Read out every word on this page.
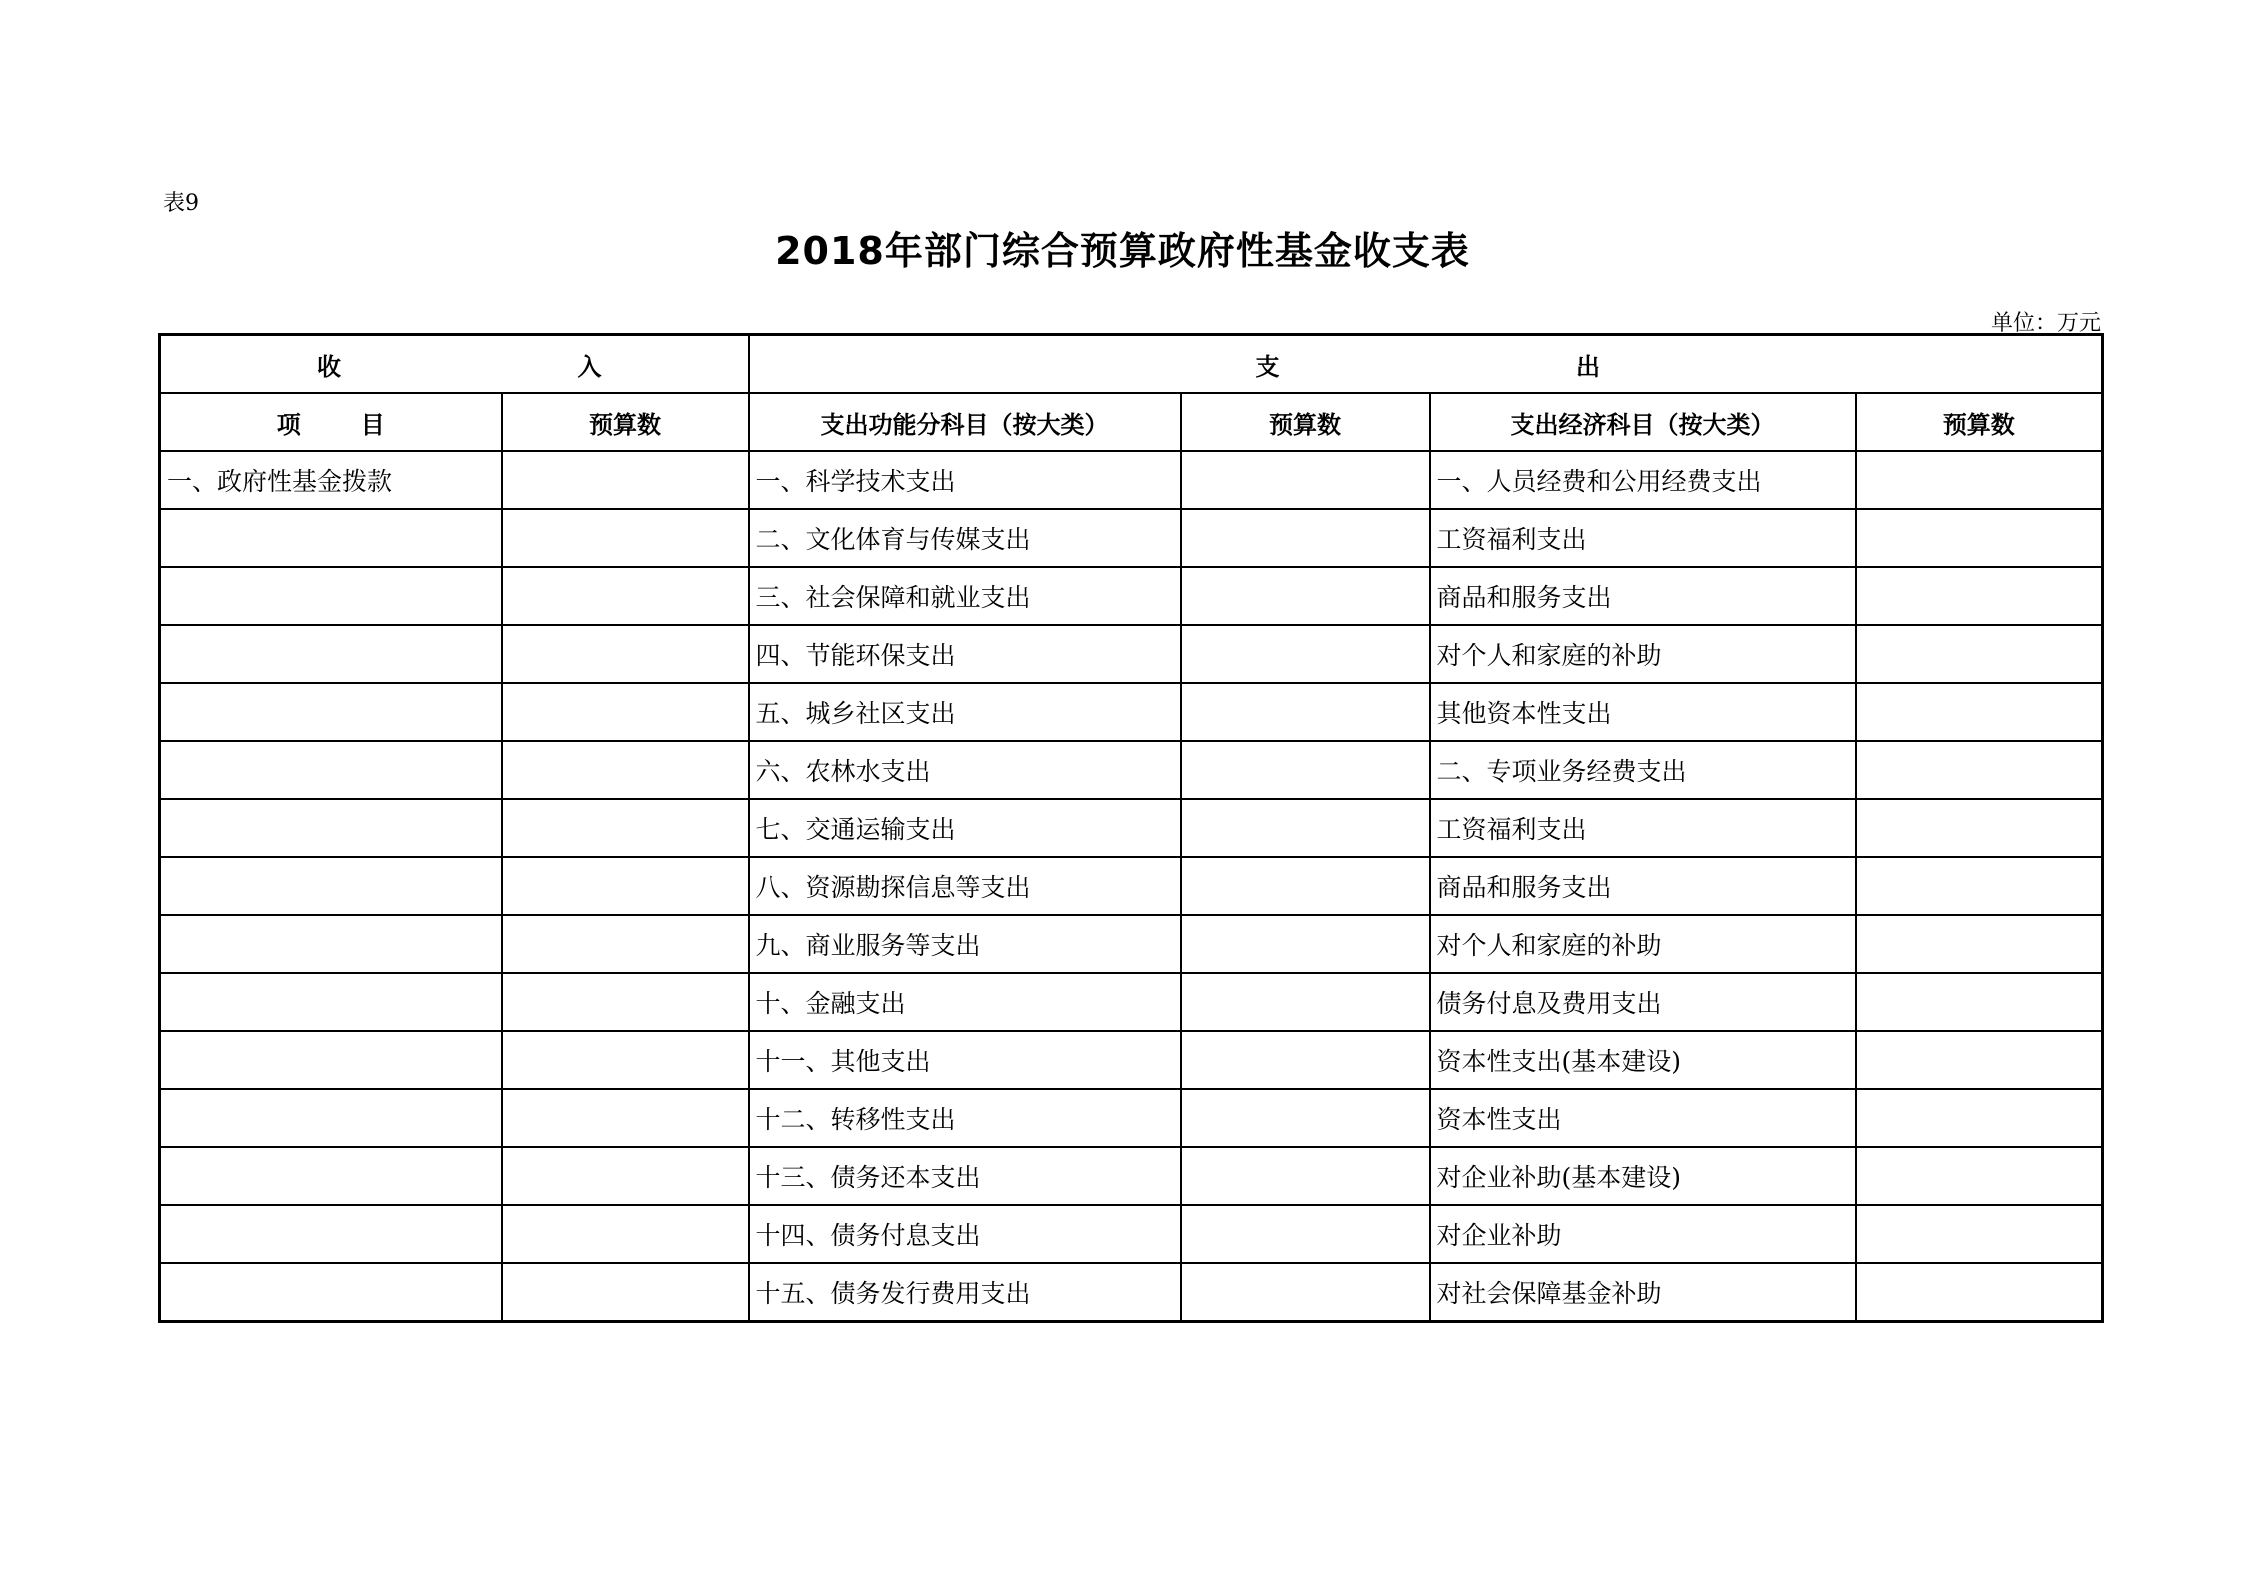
表9
2018年部门综合预算政府性基金收支表
单位：万元
收 入		支 出			

项 目	预算数	支出功能分科目（按大类）	预算数	支出经济科目（按大类）	预算数
一、政府性基金拨款		一、科学技术支出		一、人员经费和公用经费支出	
		二、文化体育与传媒支出		工资福利支出	
		三、社会保障和就业支出		商品和服务支出	
		四、节能环保支出		对个人和家庭的补助	
		五、城乡社区支出		其他资本性支出	
		六、农林水支出		二、专项业务经费支出	
		七、交通运输支出		工资福利支出	
		八、资源勘探信息等支出		商品和服务支出	
		九、商业服务等支出		对个人和家庭的补助	
		十、金融支出		债务付息及费用支出	
		十一、其他支出		资本性支出(基本建设)	
		十二、转移性支出		资本性支出	
		十三、债务还本支出		对企业补助(基本建设)	
		十四、债务付息支出		对企业补助	
		十五、债务发行费用支出		对社会保障基金补助	
